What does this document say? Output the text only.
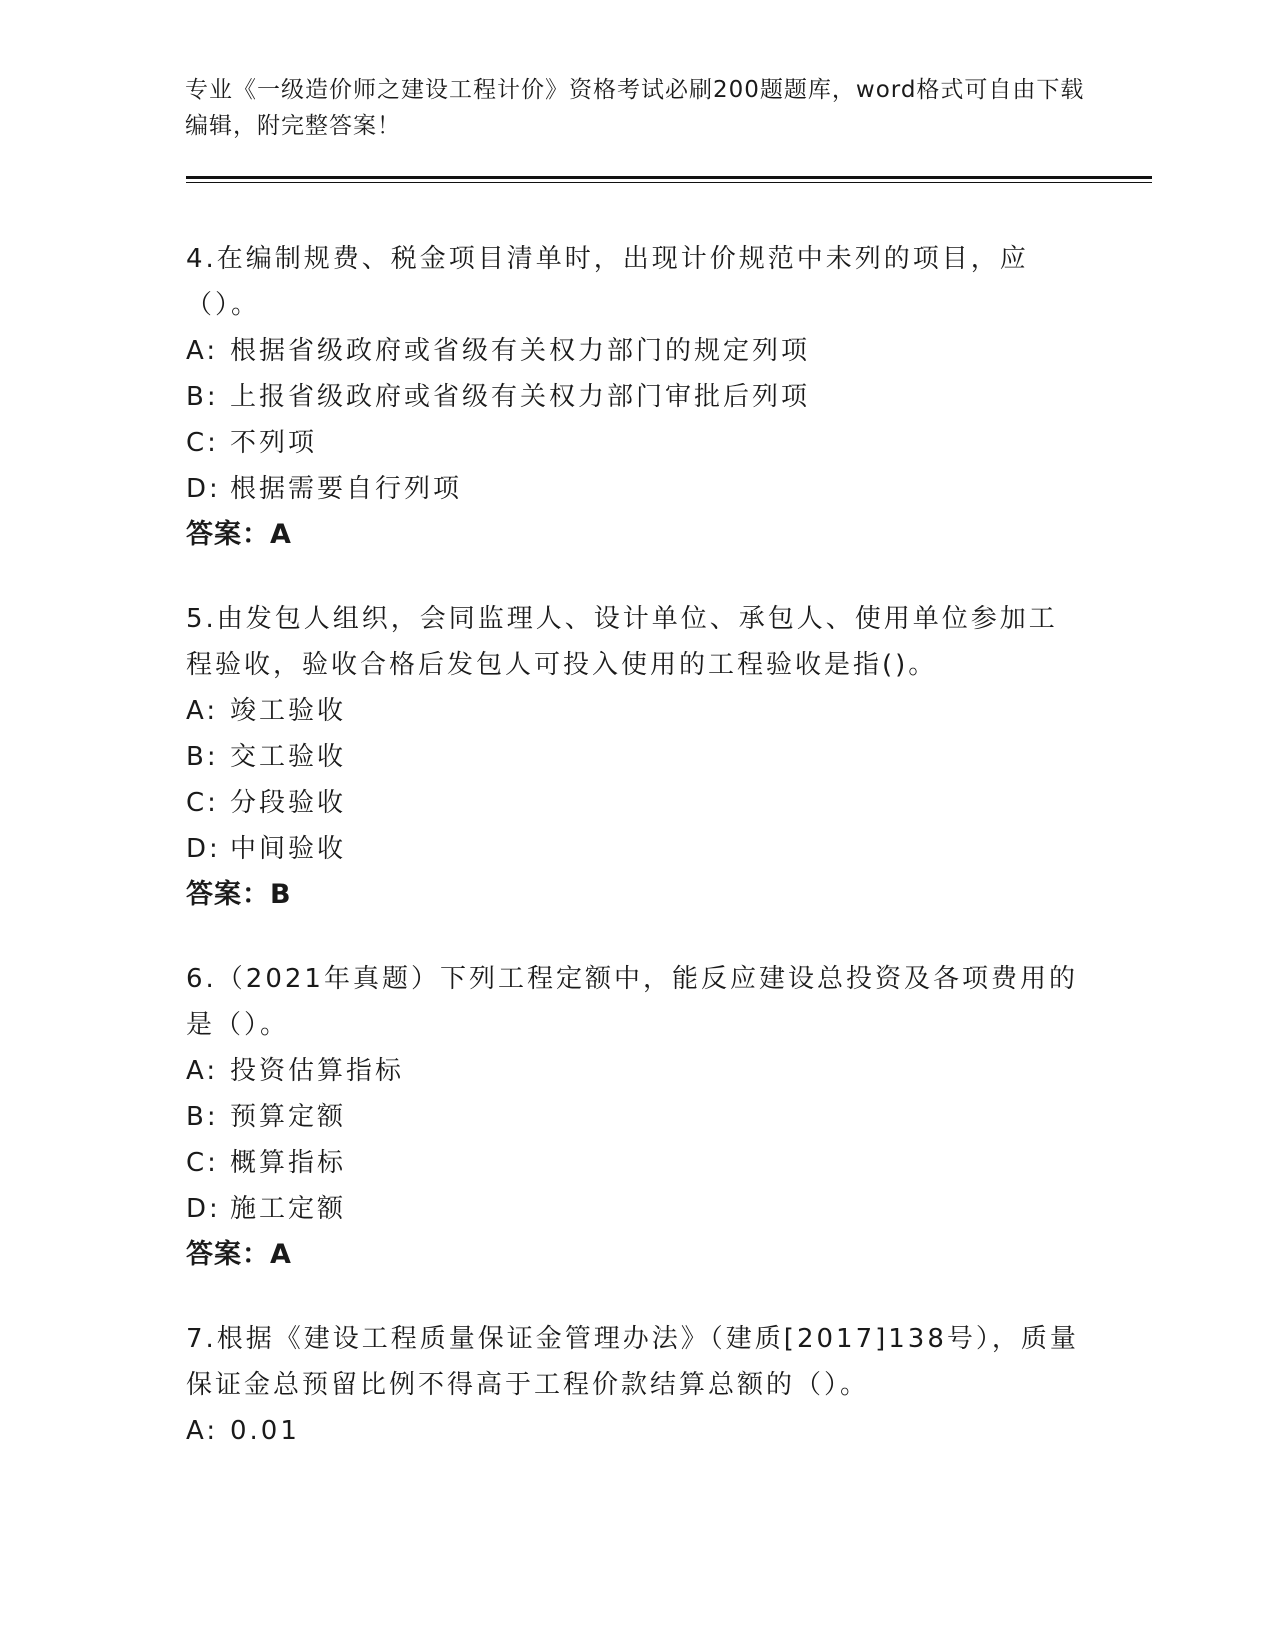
专业《一级造价师之建设工程计价》资格考试必刷200题题库，word格式可自由下载编辑，附完整答案！

4.在编制规费、税金项目清单时，出现计价规范中未列的项目，应（）。

A: 根据省级政府或省级有关权力部门的规定列项

B: 上报省级政府或省级有关权力部门审批后列项

C: 不列项

D: 根据需要自行列项

答案：A

5.由发包人组织，会同监理人、设计单位、承包人、使用单位参加工程验收，验收合格后发包人可投入使用的工程验收是指()。

A: 竣工验收

B: 交工验收

C: 分段验收

D: 中间验收

答案：B

6.（2021年真题）下列工程定额中，能反应建设总投资及各项费用的是（）。

A: 投资估算指标

B: 预算定额

C: 概算指标

D: 施工定额

答案：A

7.根据《建设工程质量保证金管理办法》（建质[2017]138号），质量保证金总预留比例不得高于工程价款结算总额的（）。

A: 0.01
